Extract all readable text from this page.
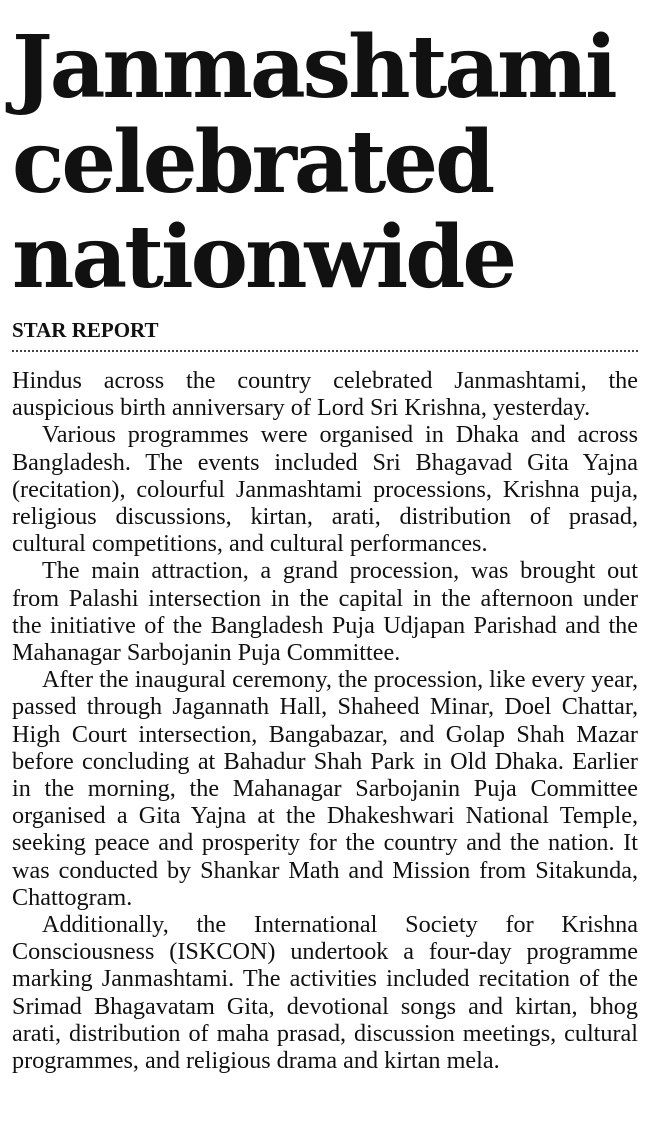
Janmashtami
celebrated
nationwide
STAR REPORT

Hindus across the country celebrated Janmashtami, the auspicious birth anniversary of Lord Sri Krishna, yesterday.

Various programmes were organised in Dhaka and across Bangladesh. The events included Sri Bhagavad Gita Yajna (recitation), colourful Janmashtami processions, Krishna puja, religious discussions, kirtan, arati, distribution of prasad, cultural competitions, and cultural performances.

The main attraction, a grand procession, was brought out from Palashi intersection in the capital in the afternoon under the initiative of the Bangladesh Puja Udjapan Parishad and the Mahanagar Sarbojanin Puja Committee.

After the inaugural ceremony, the procession, like every year, passed through Jagannath Hall, Shaheed Minar, Doel Chattar, High Court intersection, Bangabazar, and Golap Shah Mazar before concluding at Bahadur Shah Park in Old Dhaka. Earlier in the morning, the Mahanagar Sarbojanin Puja Committee organised a Gita Yajna at the Dhakeshwari National Temple, seeking peace and prosperity for the country and the nation. It was conducted by Shankar Math and Mission from Sitakunda, Chattogram.

Additionally, the International Society for Krishna Consciousness (ISKCON) undertook a four-day programme marking Janmashtami. The activities included recitation of the Srimad Bhagavatam Gita, devotional songs and kirtan, bhog arati, distribution of maha prasad, discussion meetings, cultural programmes, and religious drama and kirtan mela.
